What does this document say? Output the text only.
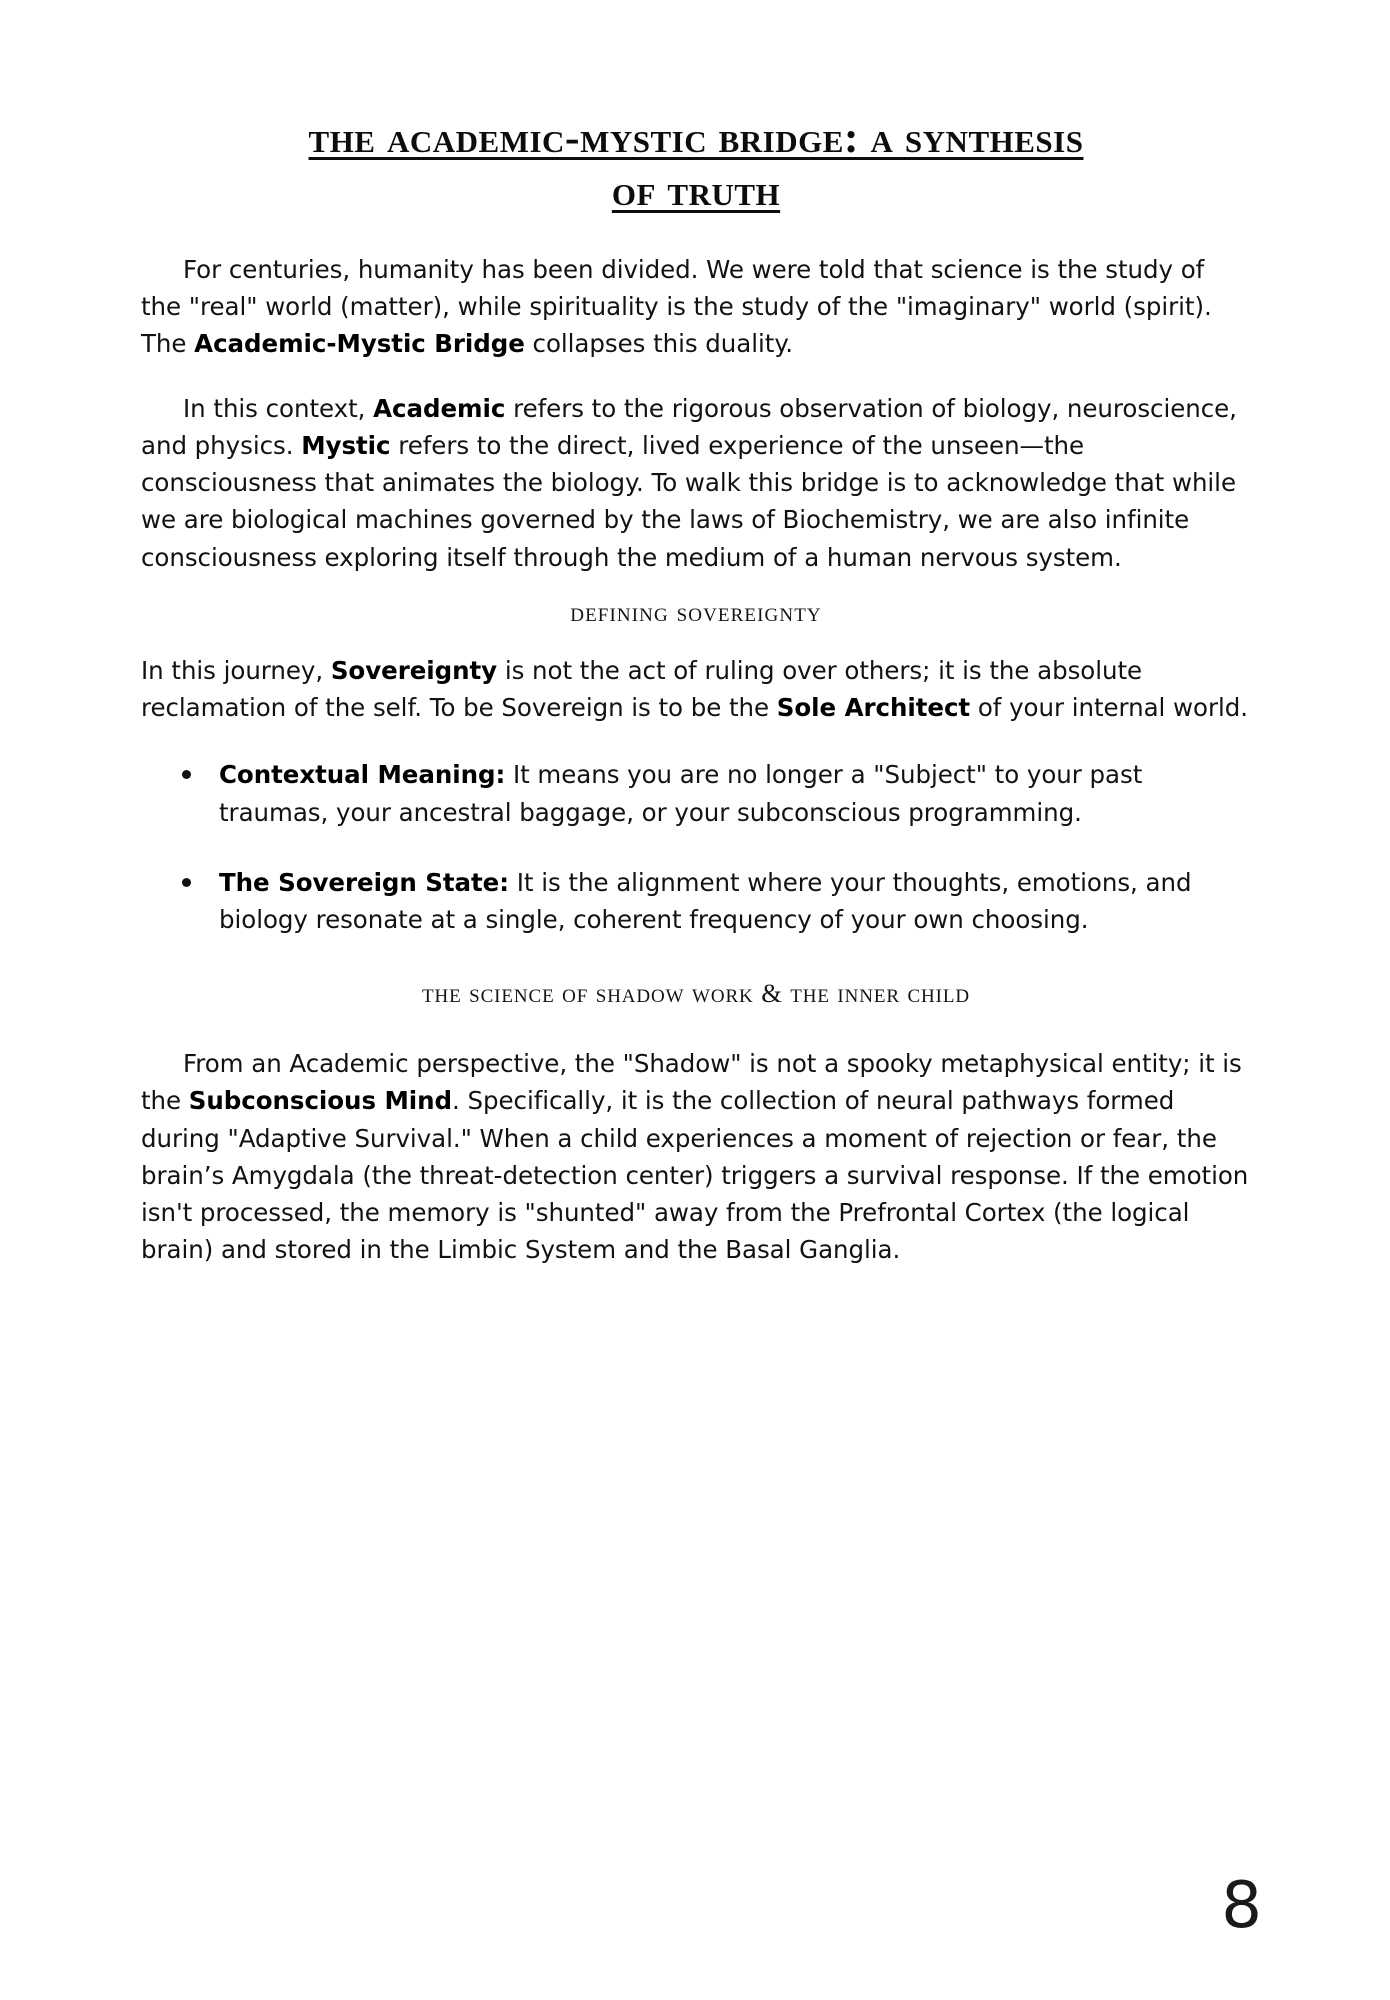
the academic-mystic bridge: a synthesis
of truth

For centuries, humanity has been divided. We were told that science is the study of the "real" world (matter), while spirituality is the study of the "imaginary" world (spirit). The Academic-Mystic Bridge collapses this duality.

In this context, Academic refers to the rigorous observation of biology, neuroscience, and physics. Mystic refers to the direct, lived experience of the unseen—the consciousness that animates the biology. To walk this bridge is to acknowledge that while we are biological machines governed by the laws of Biochemistry, we are also infinite consciousness exploring itself through the medium of a human nervous system.

defining sovereignty

In this journey, Sovereignty is not the act of ruling over others; it is the absolute reclamation of the self. To be Sovereign is to be the Sole Architect of your internal world.

Contextual Meaning: It means you are no longer a "Subject" to your past traumas, your ancestral baggage, or your subconscious programming.
The Sovereign State: It is the alignment where your thoughts, emotions, and biology resonate at a single, coherent frequency of your own choosing.
the science of shadow work & the inner child

From an Academic perspective, the "Shadow" is not a spooky metaphysical entity; it is the Subconscious Mind. Specifically, it is the collection of neural pathways formed during "Adaptive Survival." When a child experiences a moment of rejection or fear, the brain’s Amygdala (the threat-detection center) triggers a survival response. If the emotion isn't processed, the memory is "shunted" away from the Prefrontal Cortex (the logical brain) and stored in the Limbic System and the Basal Ganglia.

8
